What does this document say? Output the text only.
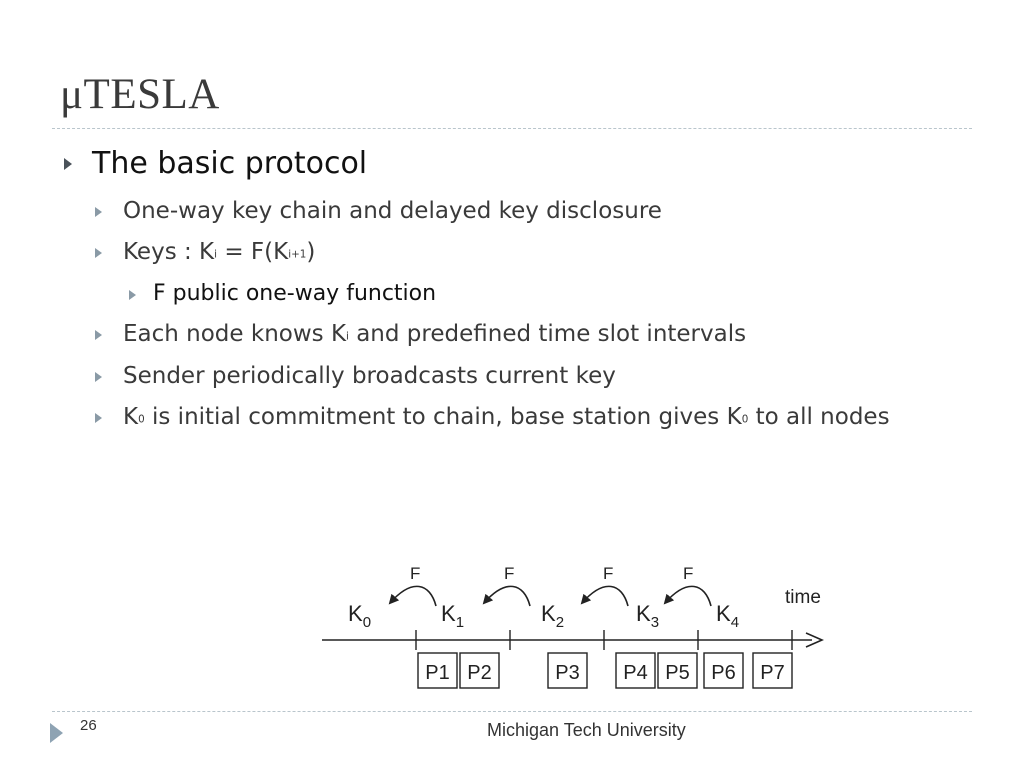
μTESLA
The basic protocol
One-way key chain and delayed key disclosure
Keys : $K_i = F(K_{i+1})$
F public one-way function
Each node knows $K_i$ and predefined time slot intervals
Sender periodically broadcasts current key
$K_0$ is initial commitment to chain, base station gives $K_0$ to all nodes
F	F	F	F
$K_0$	$K_1$	$K_2$	$K_3$	$K_4$
time
P1 P2	P3 P4 P5 P6 P7
26	Michigan Tech University
